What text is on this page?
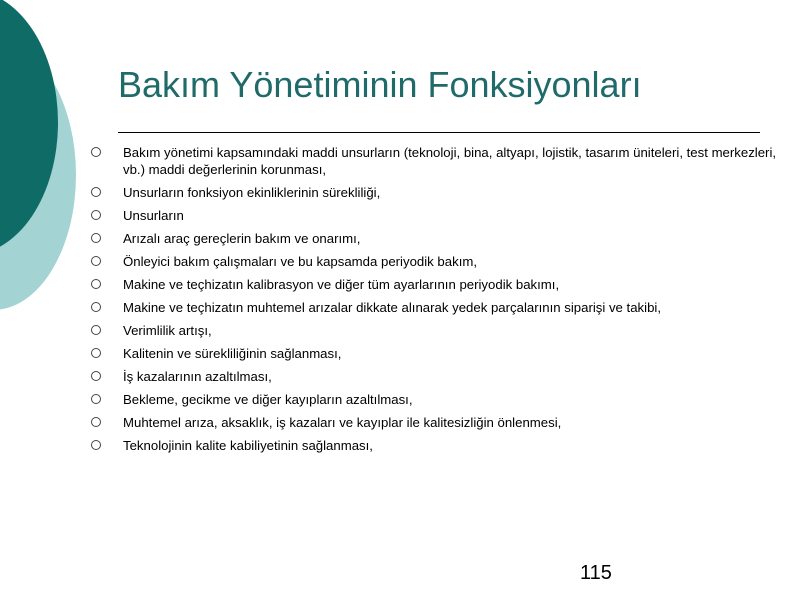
Bakım Yönetiminin Fonksiyonları
Bakım yönetimi kapsamındaki maddi unsurların (teknoloji, bina, altyapı, lojistik, tasarım üniteleri, test merkezleri, vb.) maddi değerlerinin korunması,
Unsurların fonksiyon ekinliklerinin sürekliliği,
Unsurların
Arızalı araç gereçlerin bakım ve onarımı,
Önleyici bakım çalışmaları ve bu kapsamda periyodik bakım,
Makine ve teçhizatın kalibrasyon ve diğer tüm ayarlarının periyodik bakımı,
Makine ve teçhizatın muhtemel arızalar dikkate alınarak yedek parçalarının siparişi ve takibi,
Verimlilik artışı,
Kalitenin ve sürekliliğinin sağlanması,
İş kazalarının azaltılması,
Bekleme, gecikme ve diğer kayıpların azaltılması,
Muhtemel arıza, aksaklık, iş kazaları ve kayıplar ile kalitesizliğin önlenmesi,
Teknolojinin kalite kabiliyetinin sağlanması,
115
